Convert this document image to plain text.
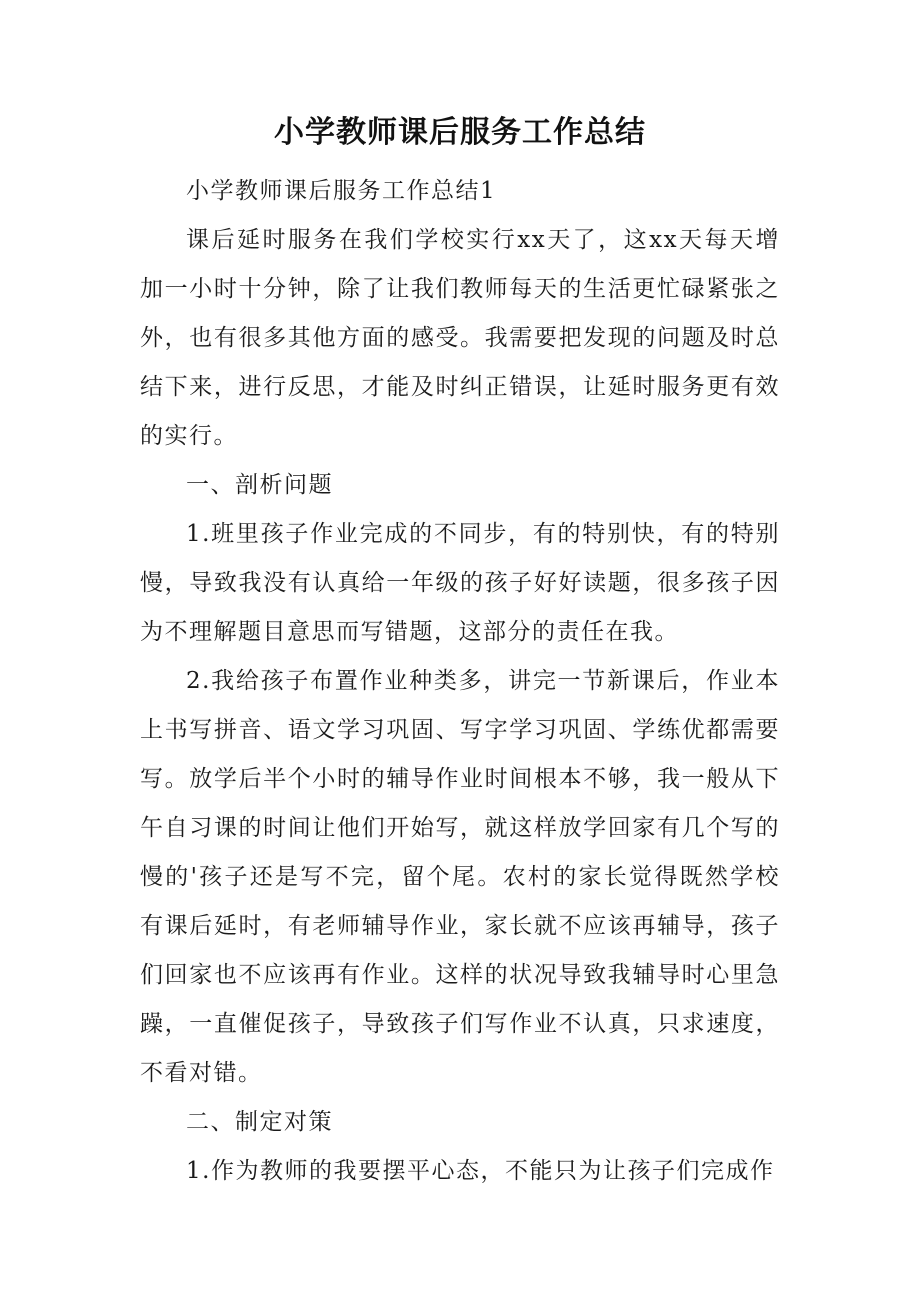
小学教师课后服务工作总结

小学教师课后服务工作总结1

课后延时服务在我们学校实行xx天了，这xx天每天增加一小时十分钟，除了让我们教师每天的生活更忙碌紧张之外，也有很多其他方面的感受。我需要把发现的问题及时总结下来，进行反思，才能及时纠正错误，让延时服务更有效的实行。

一、剖析问题

1.班里孩子作业完成的不同步，有的特别快，有的特别慢，导致我没有认真给一年级的孩子好好读题，很多孩子因为不理解题目意思而写错题，这部分的责任在我。

2.我给孩子布置作业种类多，讲完一节新课后，作业本上书写拼音、语文学习巩固、写字学习巩固、学练优都需要写。放学后半个小时的辅导作业时间根本不够，我一般从下午自习课的时间让他们开始写，就这样放学回家有几个写的慢的'孩子还是写不完，留个尾。农村的家长觉得既然学校有课后延时，有老师辅导作业，家长就不应该再辅导，孩子们回家也不应该再有作业。这样的状况导致我辅导时心里急躁，一直催促孩子，导致孩子们写作业不认真，只求速度，不看对错。

二、制定对策

1.作为教师的我要摆平心态，不能只为让孩子们完成作
